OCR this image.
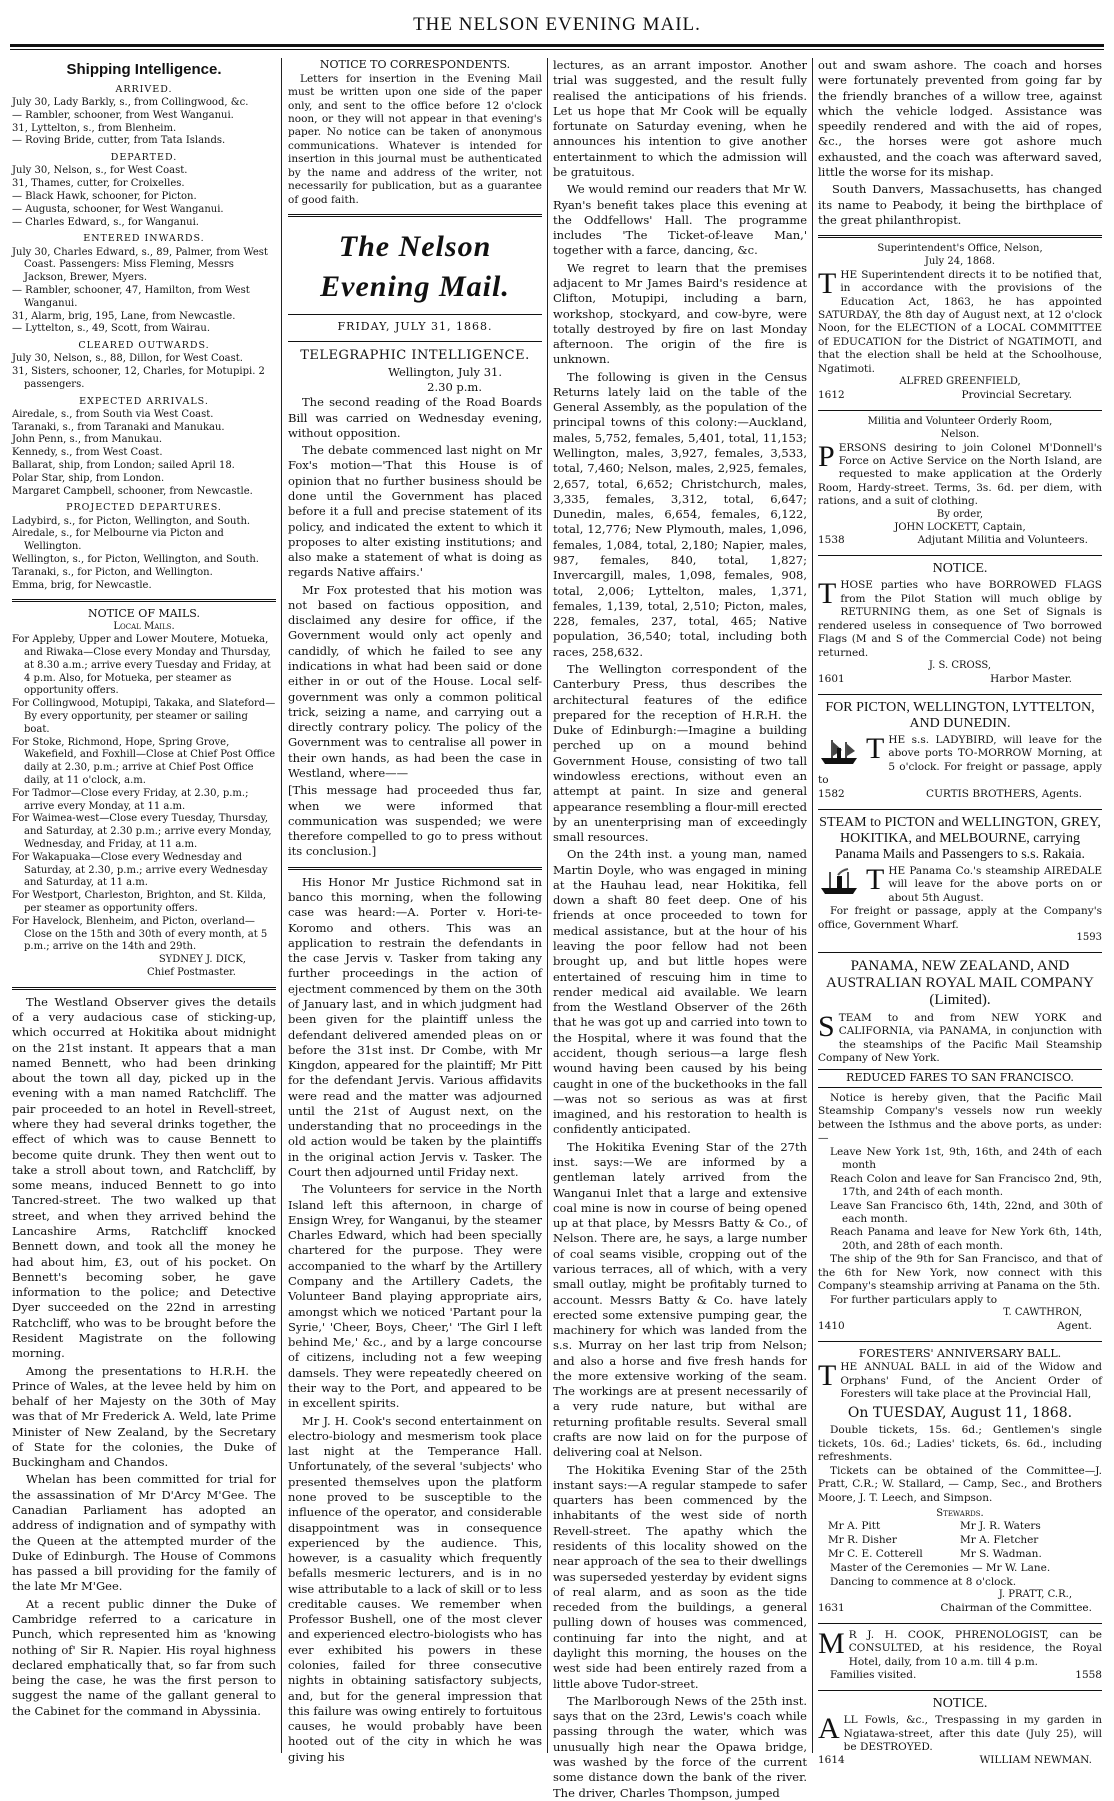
THE NELSON EVENING MAIL.
Shipping Intelligence.
ARRIVED.

July 30, Lady Barkly, s., from Collingwood, &c.

— Rambler, schooner, from West Wanganui.

31, Lyttelton, s., from Blenheim.

— Roving Bride, cutter, from Tata Islands.

DEPARTED.

July 30, Nelson, s., for West Coast.

31, Thames, cutter, for Croixelles.

— Black Hawk, schooner, for Picton.

— Augusta, schooner, for West Wanganui.

— Charles Edward, s., for Wanganui.

ENTERED INWARDS.

July 30, Charles Edward, s., 89, Palmer, from West Coast. Passengers: Miss Fleming, Messrs Jackson, Brewer, Myers.

— Rambler, schooner, 47, Hamilton, from West Wanganui.

31, Alarm, brig, 195, Lane, from Newcastle.

— Lyttelton, s., 49, Scott, from Wairau.

CLEARED OUTWARDS.

July 30, Nelson, s., 88, Dillon, for West Coast.

31, Sisters, schooner, 12, Charles, for Motupipi. 2 passengers.

EXPECTED ARRIVALS.

Airedale, s., from South via West Coast.

Taranaki, s., from Taranaki and Manukau.

John Penn, s., from Manukau.

Kennedy, s., from West Coast.

Ballarat, ship, from London; sailed April 18.

Polar Star, ship, from London.

Margaret Campbell, schooner, from Newcastle.

PROJECTED DEPARTURES.

Ladybird, s., for Picton, Wellington, and South.

Airedale, s., for Melbourne via Picton and Wellington.

Wellington, s., for Picton, Wellington, and South.

Taranaki, s., for Picton, and Wellington.

Emma, brig, for Newcastle.

NOTICE OF MAILS.
Local Mails.

For Appleby, Upper and Lower Moutere, Motueka, and Riwaka—Close every Monday and Thursday, at 8.30 a.m.; arrive every Tuesday and Friday, at 4 p.m. Also, for Motueka, per steamer as opportunity offers.

For Collingwood, Motupipi, Takaka, and Slateford—By every opportunity, per steamer or sailing boat.

For Stoke, Richmond, Hope, Spring Grove, Wakefield, and Foxhill—Close at Chief Post Office daily at 2.30, p.m.; arrive at Chief Post Office daily, at 11 o'clock, a.m.

For Tadmor—Close every Friday, at 2.30, p.m.; arrive every Monday, at 11 a.m.

For Waimea-west—Close every Tuesday, Thursday, and Saturday, at 2.30 p.m.; arrive every Monday, Wednesday, and Friday, at 11 a.m.

For Wakapuaka—Close every Wednesday and Saturday, at 2.30, p.m.; arrive every Wednesday and Saturday, at 11 a.m.

For Westport, Charleston, Brighton, and St. Kilda, per steamer as opportunity offers.

For Havelock, Blenheim, and Picton, overland—Close on the 15th and 30th of every month, at 5 p.m.; arrive on the 14th and 29th.

SYDNEY J. DICK,
Chief Postmaster.

The Westland Observer gives the details of a very audacious case of sticking-up, which occurred at Hokitika about midnight on the 21st instant. It appears that a man named Bennett, who had been drinking about the town all day, picked up in the evening with a man named Ratchcliff. The pair proceeded to an hotel in Revell-street, where they had several drinks together, the effect of which was to cause Bennett to become quite drunk. They then went out to take a stroll about town, and Ratchcliff, by some means, induced Bennett to go into Tancred-street. The two walked up that street, and when they arrived behind the Lancashire Arms, Ratchcliff knocked Bennett down, and took all the money he had about him, £3, out of his pocket. On Bennett's becoming sober, he gave information to the police; and Detective Dyer succeeded on the 22nd in arresting Ratchcliff, who was to be brought before the Resident Magistrate on the following morning.

Among the presentations to H.R.H. the Prince of Wales, at the levee held by him on behalf of her Majesty on the 30th of May was that of Mr Frederick A. Weld, late Prime Minister of New Zealand, by the Secretary of State for the colonies, the Duke of Buckingham and Chandos.

Whelan has been committed for trial for the assassination of Mr D'Arcy M'Gee. The Canadian Parliament has adopted an address of indignation and of sympathy with the Queen at the attempted murder of the Duke of Edinburgh. The House of Commons has passed a bill providing for the family of the late Mr M'Gee.

At a recent public dinner the Duke of Cambridge referred to a caricature in Punch, which represented him as 'knowing nothing of' Sir R. Napier. His royal highness declared emphatically that, so far from such being the case, he was the first person to suggest the name of the gallant general to the Cabinet for the command in Abyssinia.

NOTICE TO CORRESPONDENTS.

Letters for insertion in the Evening Mail must be written upon one side of the paper only, and sent to the office before 12 o'clock noon, or they will not appear in that evening's paper. No notice can be taken of anonymous communications. Whatever is intended for insertion in this journal must be authenticated by the name and address of the writer, not necessarily for publication, but as a guarantee of good faith.

The Nelson Evening Mail.
FRIDAY, JULY 31, 1868.
TELEGRAPHIC INTELLIGENCE.
Wellington, July 31.
2.30 p.m.

The second reading of the Road Boards Bill was carried on Wednesday evening, without opposition.

The debate commenced last night on Mr Fox's motion—'That this House is of opinion that no further business should be done until the Government has placed before it a full and precise statement of its policy, and indicated the extent to which it proposes to alter existing institutions; and also make a statement of what is doing as regards Native affairs.'

Mr Fox protested that his motion was not based on factious opposition, and disclaimed any desire for office, if the Government would only act openly and candidly, of which he failed to see any indications in what had been said or done either in or out of the House. Local self-government was only a common political trick, seizing a name, and carrying out a directly contrary policy. The policy of the Government was to centralise all power in their own hands, as had been the case in Westland, where——

[This message had proceeded thus far, when we were informed that communication was suspended; we were therefore compelled to go to press without its conclusion.]

His Honor Mr Justice Richmond sat in banco this morning, when the following case was heard:—A. Porter v. Hori-te-Koromo and others. This was an application to restrain the defendants in the case Jervis v. Tasker from taking any further proceedings in the action of ejectment commenced by them on the 30th of January last, and in which judgment had been given for the plaintiff unless the defendant delivered amended pleas on or before the 31st inst. Dr Combe, with Mr Kingdon, appeared for the plaintiff; Mr Pitt for the defendant Jervis. Various affidavits were read and the matter was adjourned until the 21st of August next, on the understanding that no proceedings in the old action would be taken by the plaintiffs in the original action Jervis v. Tasker. The Court then adjourned until Friday next.

The Volunteers for service in the North Island left this afternoon, in charge of Ensign Wrey, for Wanganui, by the steamer Charles Edward, which had been specially chartered for the purpose. They were accompanied to the wharf by the Artillery Company and the Artillery Cadets, the Volunteer Band playing appropriate airs, amongst which we noticed 'Partant pour la Syrie,' 'Cheer, Boys, Cheer,' 'The Girl I left behind Me,' &c., and by a large concourse of citizens, including not a few weeping damsels. They were repeatedly cheered on their way to the Port, and appeared to be in excellent spirits.

Mr J. H. Cook's second entertainment on electro-biology and mesmerism took place last night at the Temperance Hall. Unfortunately, of the several 'subjects' who presented themselves upon the platform none proved to be susceptible to the influence of the operator, and considerable disappointment was in consequence experienced by the audience. This, however, is a casuality which frequently befalls mesmeric lecturers, and is in no wise attributable to a lack of skill or to less creditable causes. We remember when Professor Bushell, one of the most clever and experienced electro-biologists who has ever exhibited his powers in these colonies, failed for three consecutive nights in obtaining satisfactory subjects, and, but for the general impression that this failure was owing entirely to fortuitous causes, he would probably have been hooted out of the city in which he was giving his

lectures, as an arrant impostor. Another trial was suggested, and the result fully realised the anticipations of his friends. Let us hope that Mr Cook will be equally fortunate on Saturday evening, when he announces his intention to give another entertainment to which the admission will be gratuitous.

We would remind our readers that Mr W. Ryan's benefit takes place this evening at the Oddfellows' Hall. The programme includes 'The Ticket-of-leave Man,' together with a farce, dancing, &c.

We regret to learn that the premises adjacent to Mr James Baird's residence at Clifton, Motupipi, including a barn, workshop, stockyard, and cow-byre, were totally destroyed by fire on last Monday afternoon. The origin of the fire is unknown.

The following is given in the Census Returns lately laid on the table of the General Assembly, as the population of the principal towns of this colony:—Auckland, males, 5,752, females, 5,401, total, 11,153; Wellington, males, 3,927, females, 3,533, total, 7,460; Nelson, males, 2,925, females, 2,657, total, 6,652; Christchurch, males, 3,335, females, 3,312, total, 6,647; Dunedin, males, 6,654, females, 6,122, total, 12,776; New Plymouth, males, 1,096, females, 1,084, total, 2,180; Napier, males, 987, females, 840, total, 1,827; Invercargill, males, 1,098, females, 908, total, 2,006; Lyttelton, males, 1,371, females, 1,139, total, 2,510; Picton, males, 228, females, 237, total, 465; Native population, 36,540; total, including both races, 258,632.

The Wellington correspondent of the Canterbury Press, thus describes the architectural features of the edifice prepared for the reception of H.R.H. the Duke of Edinburgh:—Imagine a building perched up on a mound behind Government House, consisting of two tall windowless erections, without even an attempt at paint. In size and general appearance resembling a flour-mill erected by an unenterprising man of exceedingly small resources.

On the 24th inst. a young man, named Martin Doyle, who was engaged in mining at the Hauhau lead, near Hokitika, fell down a shaft 80 feet deep. One of his friends at once proceeded to town for medical assistance, but at the hour of his leaving the poor fellow had not been brought up, and but little hopes were entertained of rescuing him in time to render medical aid available. We learn from the Westland Observer of the 26th that he was got up and carried into town to the Hospital, where it was found that the accident, though serious—a large flesh wound having been caused by his being caught in one of the buckethooks in the fall—was not so serious as was at first imagined, and his restoration to health is confidently anticipated.

The Hokitika Evening Star of the 27th inst. says:—We are informed by a gentleman lately arrived from the Wanganui Inlet that a large and extensive coal mine is now in course of being opened up at that place, by Messrs Batty & Co., of Nelson. There are, he says, a large number of coal seams visible, cropping out of the various terraces, all of which, with a very small outlay, might be profitably turned to account. Messrs Batty & Co. have lately erected some extensive pumping gear, the machinery for which was landed from the s.s. Murray on her last trip from Nelson; and also a horse and five fresh hands for the more extensive working of the seam. The workings are at present necessarily of a very rude nature, but withal are returning profitable results. Several small crafts are now laid on for the purpose of delivering coal at Nelson.

The Hokitika Evening Star of the 25th instant says:—A regular stampede to safer quarters has been commenced by the inhabitants of the west side of north Revell-street. The apathy which the residents of this locality showed on the near approach of the sea to their dwellings was superseded yesterday by evident signs of real alarm, and as soon as the tide receded from the buildings, a general pulling down of houses was commenced, continuing far into the night, and at daylight this morning, the houses on the west side had been entirely razed from a little above Tudor-street.

The Marlborough News of the 25th inst. says that on the 23rd, Lewis's coach while passing through the water, which was unusually high near the Opawa bridge, was washed by the force of the current some distance down the bank of the river. The driver, Charles Thompson, jumped

out and swam ashore. The coach and horses were fortunately prevented from going far by the friendly branches of a willow tree, against which the vehicle lodged. Assistance was speedily rendered and with the aid of ropes, &c., the horses were got ashore much exhausted, and the coach was afterward saved, little the worse for its mishap.

South Danvers, Massachusetts, has changed its name to Peabody, it being the birthplace of the great philanthropist.

Superintendent's Office, Nelson,
July 24, 1868.

THE Superintendent directs it to be notified that, in accordance with the provisions of the Education Act, 1863, he has appointed SATURDAY, the 8th day of August next, at 12 o'clock Noon, for the ELECTION of a LOCAL COMMITTEE of EDUCATION for the District of NGATIMOTI, and that the election shall be held at the Schoolhouse, Ngatimoti.

ALFRED GREENFIELD,
1612	Provincial Secretary.
Militia and Volunteer Orderly Room,
Nelson.

PERSONS desiring to join Colonel M'Donnell's Force on Active Service on the North Island, are requested to make application at the Orderly Room, Hardy-street. Terms, 3s. 6d. per diem, with rations, and a suit of clothing.

By order,
JOHN LOCKETT, Captain,
1538	Adjutant Militia and Volunteers.
NOTICE.

THOSE parties who have BORROWED FLAGS from the Pilot Station will much oblige by RETURNING them, as one Set of Signals is rendered useless in consequence of Two borrowed Flags (M and S of the Commercial Code) not being returned.

J. S. CROSS,
1601	Harbor Master.
FOR PICTON, WELLINGTON, LYTTELTON, AND DUNEDIN.

THE s.s. LADYBIRD, will leave for the above ports TO-MORROW Morning, at 5 o'clock. For freight or passage, apply to

1582	CURTIS BROTHERS, Agents.
STEAM to PICTON and WELLINGTON, GREY, HOKITIKA, and MELBOURNE, carrying Panama Mails and Passengers to s.s. Rakaia.

THE Panama Co.'s steamship AIREDALE will leave for the above ports on or about 5th August.

For freight or passage, apply at the Company's office, Government Wharf.

1593
PANAMA, NEW ZEALAND, AND AUSTRALIAN ROYAL MAIL COMPANY (Limited).

STEAM to and from NEW YORK and CALIFORNIA, via PANAMA, in conjunction with the steamships of the Pacific Mail Steamship Company of New York.

REDUCED FARES TO SAN FRANCISCO.

Notice is hereby given, that the Pacific Mail Steamship Company's vessels now run weekly between the Isthmus and the above ports, as under:—

Leave New York 1st, 9th, 16th, and 24th of each month

Reach Colon and leave for San Francisco 2nd, 9th, 17th, and 24th of each month.

Leave San Francisco 6th, 14th, 22nd, and 30th of each month.

Reach Panama and leave for New York 6th, 14th, 20th, and 28th of each month.

The ship of the 9th for San Francisco, and that of the 6th for New York, now connect with this Company's steamship arriving at Panama on the 5th.

For further particulars apply to

T. CAWTHRON,
1410	Agent.
FORESTERS' ANNIVERSARY BALL.

THE ANNUAL BALL in aid of the Widow and Orphans' Fund, of the Ancient Order of Foresters will take place at the Provincial Hall,

On TUESDAY, August 11, 1868.

Double tickets, 15s. 6d.; Gentlemen's single tickets, 10s. 6d.; Ladies' tickets, 6s. 6d., including refreshments.

Tickets can be obtained of the Committee—J. Pratt, C.R.; W. Stallard, — Camp, Sec., and Brothers Moore, J. T. Leech, and Simpson.

Stewards.
Mr A. Pitt	Mr J. R. Waters
Mr R. Disher	Mr A. Fletcher
Mr C. E. Cotterell	Mr S. Wadman.

Master of the Ceremonies — Mr W. Lane.

Dancing to commence at 8 o'clock.

J. PRATT, C.R.,
1631	Chairman of the Committee.

M R J. H. COOK, PHRENOLOGIST, can be CONSULTED, at his residence, the Royal Hotel, daily, from 10 a.m. till 4 p.m.

Families visited.	1558
NOTICE.

ALL Fowls, &c., Trespassing in my garden in Ngiatawa-street, after this date (July 25), will be DESTROYED.

1614	WILLIAM NEWMAN.
